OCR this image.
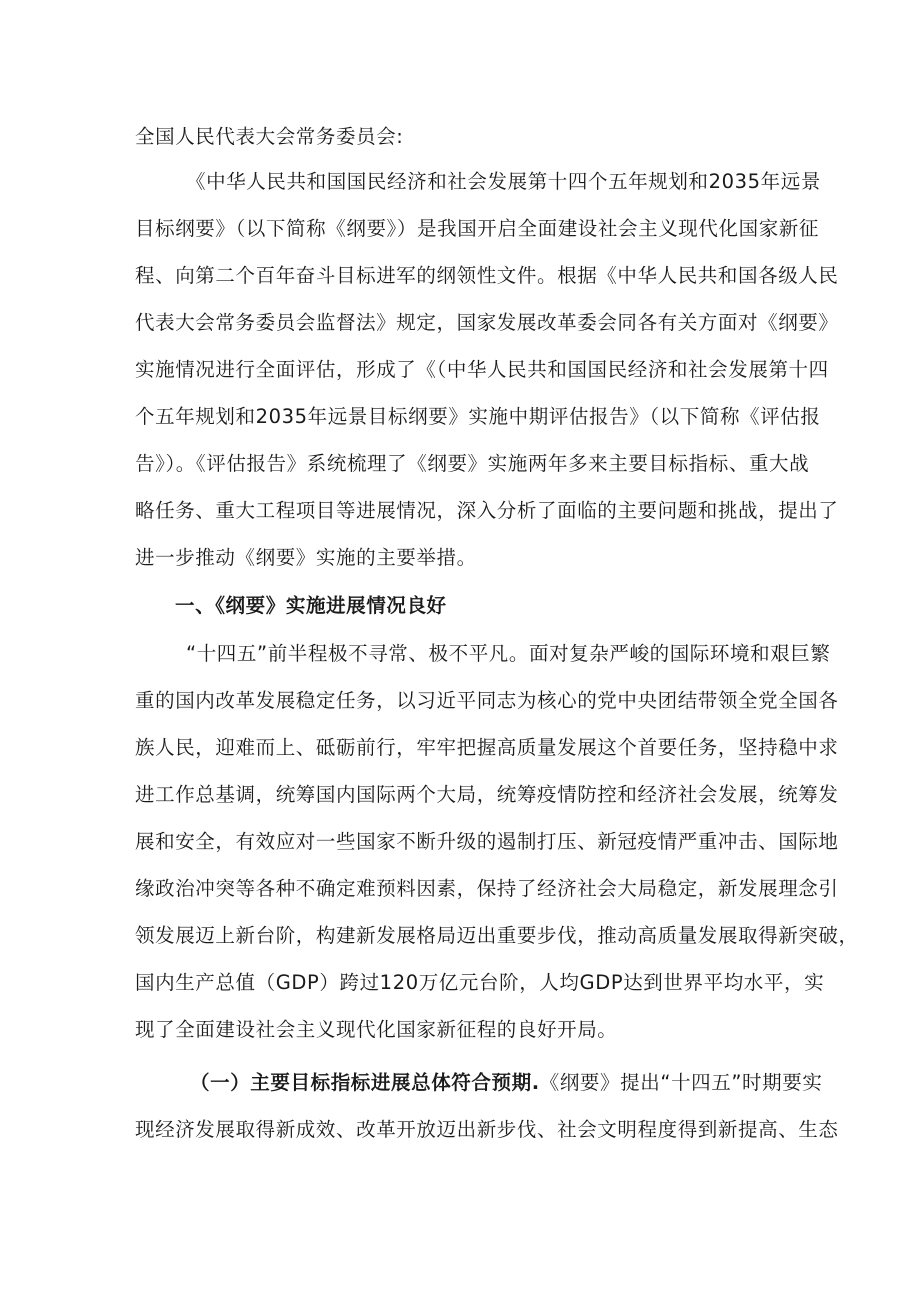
全国人民代表大会常务委员会:
《中华人民共和国国民经济和社会发展第十四个五年规划和2035年远景
目标纲要》（以下简称《纲要》）是我国开启全面建设社会主义现代化国家新征
程、向第二个百年奋斗目标进军的纲领性文件。根据《中华人民共和国各级人民
代表大会常务委员会监督法》规定，国家发展改革委会同各有关方面对《纲要》
实施情况进行全面评估，形成了《（中华人民共和国国民经济和社会发展第十四
个五年规划和2035年远景目标纲要》实施中期评估报告》（以下简称《评估报
告》）。《评估报告》系统梳理了《纲要》实施两年多来主要目标指标、重大战
略任务、重大工程项目等进展情况，深入分析了面临的主要问题和挑战，提出了
进一步推动《纲要》实施的主要举措。
一、《纲要》实施进展情况良好
“十四五”前半程极不寻常、极不平凡。面对复杂严峻的国际环境和艰巨繁
重的国内改革发展稳定任务，以习近平同志为核心的党中央团结带领全党全国各
族人民，迎难而上、砥砺前行，牢牢把握高质量发展这个首要任务，坚持稳中求
进工作总基调，统筹国内国际两个大局，统筹疫情防控和经济社会发展，统筹发
展和安全，有效应对一些国家不断升级的遏制打压、新冠疫情严重冲击、国际地
缘政治冲突等各种不确定难预料因素，保持了经济社会大局稳定，新发展理念引
领发展迈上新台阶，构建新发展格局迈出重要步伐，推动高质量发展取得新突破，
国内生产总值（GDP）跨过120万亿元台阶，人均GDP达到世界平均水平，实
现了全面建设社会主义现代化国家新征程的良好开局。
（一）主要目标指标进展总体符合预期.《纲要》提出“十四五”时期要实
现经济发展取得新成效、改革开放迈出新步伐、社会文明程度得到新提高、生态
